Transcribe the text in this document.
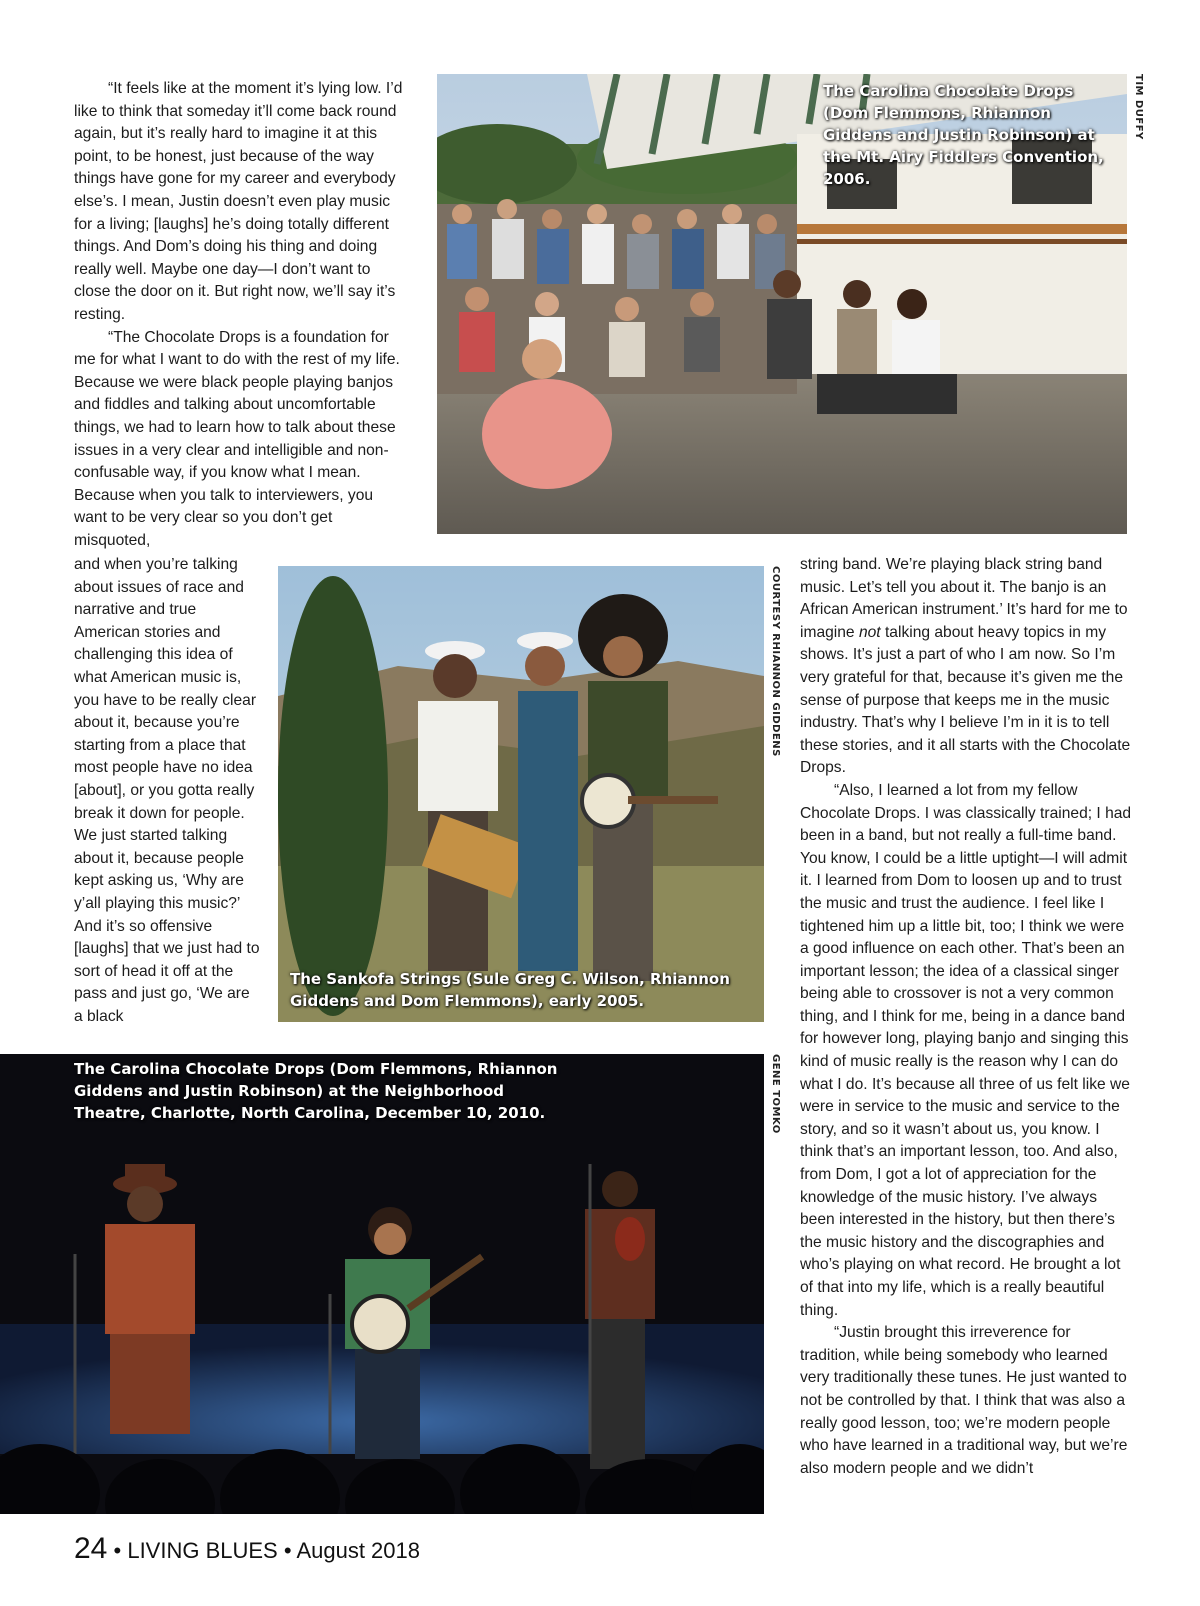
“It feels like at the moment it’s lying low. I’d like to think that someday it’ll come back round again, but it’s really hard to imagine it at this point, to be honest, just because of the way things have gone for my career and everybody else’s. I mean, Justin doesn’t even play music for a living; [laughs] he’s doing totally different things. And Dom’s doing his thing and doing really well. Maybe one day—I don’t want to close the door on it. But right now, we’ll say it’s resting.

“The Chocolate Drops is a foundation for me for what I want to do with the rest of my life. Because we were black people playing banjos and fiddles and talking about uncomfortable things, we had to learn how to talk about these issues in a very clear and intelligible and non-confusable way, if you know what I mean. Because when you talk to interviewers, you want to be very clear so you don’t get misquoted,

and when you’re talking about issues of race and narrative and true American stories and challenging this idea of what American music is, you have to be really clear about it, because you’re starting from a place that most people have no idea [about], or you gotta really break it down for people. We just started talking about it, because people kept asking us, ‘Why are y’all playing this music?’ And it’s so offensive [laughs] that we just had to sort of head it off at the pass and just go, ‘We are a black

string band. We’re playing black string band music. Let’s tell you about it. The banjo is an African American instrument.’ It’s hard for me to imagine not talking about heavy topics in my shows. It’s just a part of who I am now. So I’m very grateful for that, because it’s given me the sense of purpose that keeps me in the music industry. That’s why I believe I’m in it is to tell these stories, and it all starts with the Chocolate Drops.

“Also, I learned a lot from my fellow Chocolate Drops. I was classically trained; I had been in a band, but not really a full-time band. You know, I could be a little uptight—I will admit it. I learned from Dom to loosen up and to trust the music and trust the audience. I feel like I tightened him up a little bit, too; I think we were a good influence on each other. That’s been an important lesson; the idea of a classical singer being able to crossover is not a very common thing, and I think for me, being in a dance band for however long, playing banjo and singing this kind of music really is the reason why I can do what I do. It’s because all three of us felt like we were in service to the music and service to the story, and so it wasn’t about us, you know. I think that’s an important lesson, too. And also, from Dom, I got a lot of appreciation for the knowledge of the music history. I’ve always been interested in the history, but then there’s the music history and the discographies and who’s playing on what record. He brought a lot of that into my life, which is a really beautiful thing.

“Justin brought this irreverence for tradition, while being somebody who learned very traditionally these tunes. He just wanted to not be controlled by that. I think that was also a really good lesson, too; we’re modern people who have learned in a traditional way, but we’re also modern people and we didn’t

The Carolina Chocolate Drops (Dom Flemmons, Rhiannon Giddens and Justin Robinson) at the Mt. Airy Fiddlers Convention, 2006.
TIM DUFFY
The Sankofa Strings (Sule Greg C. Wilson, Rhiannon Giddens and Dom Flemmons), early 2005.
COURTESY RHIANNON GIDDENS
The Carolina Chocolate Drops (Dom Flemmons, Rhiannon Giddens and Justin Robinson) at the Neighborhood Theatre, Charlotte, North Carolina, December 10, 2010.	GENE TOMKO
24 • LIVING BLUES • August 2018
